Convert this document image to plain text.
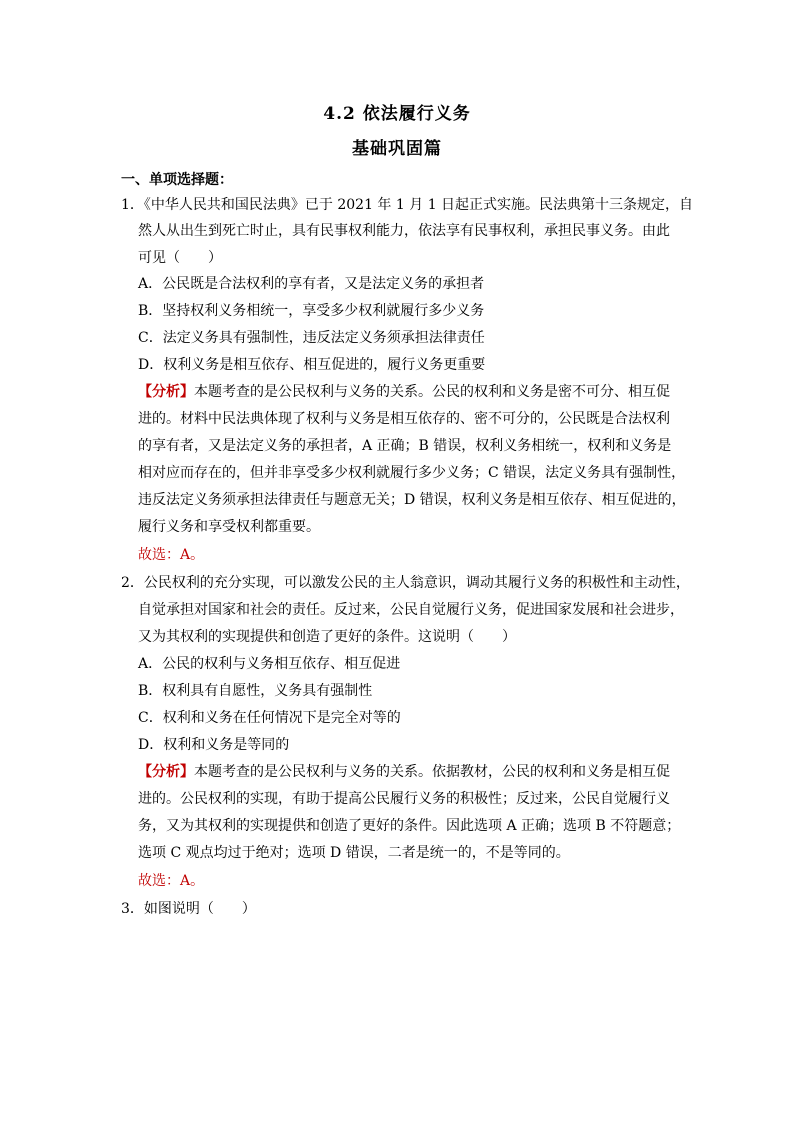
4.2 依法履行义务
基础巩固篇
一、单项选择题：
1．《中华人民共和国民法典》已于 2021 年 1 月 1 日起正式实施。民法典第十三条规定，自
然人从出生到死亡时止，具有民事权利能力，依法享有民事权利，承担民事义务。由此
可见（　　）
A．公民既是合法权利的享有者，又是法定义务的承担者
B．坚持权利义务相统一，享受多少权利就履行多少义务
C．法定义务具有强制性，违反法定义务须承担法律责任
D．权利义务是相互依存、相互促进的，履行义务更重要
【分析】本题考查的是公民权利与义务的关系。公民的权利和义务是密不可分、相互促
进的。材料中民法典体现了权利与义务是相互依存的、密不可分的，公民既是合法权利
的享有者，又是法定义务的承担者，A 正确；B 错误，权利义务相统一，权利和义务是
相对应而存在的，但并非享受多少权利就履行多少义务；C 错误，法定义务具有强制性，
违反法定义务须承担法律责任与题意无关；D 错误，权利义务是相互依存、相互促进的，
履行义务和享受权利都重要。
故选：A。
2．公民权利的充分实现，可以激发公民的主人翁意识，调动其履行义务的积极性和主动性，
自觉承担对国家和社会的责任。反过来，公民自觉履行义务，促进国家发展和社会进步，
又为其权利的实现提供和创造了更好的条件。这说明（　　）
A．公民的权利与义务相互依存、相互促进
B．权利具有自愿性，义务具有强制性
C．权利和义务在任何情况下是完全对等的
D．权利和义务是等同的
【分析】本题考查的是公民权利与义务的关系。依据教材，公民的权利和义务是相互促
进的。公民权利的实现，有助于提高公民履行义务的积极性；反过来，公民自觉履行义
务，又为其权利的实现提供和创造了更好的条件。因此选项 A 正确；选项 B 不符题意；
选项 C 观点均过于绝对；选项 D 错误，二者是统一的，不是等同的。
故选：A。
3．如图说明（　　）
